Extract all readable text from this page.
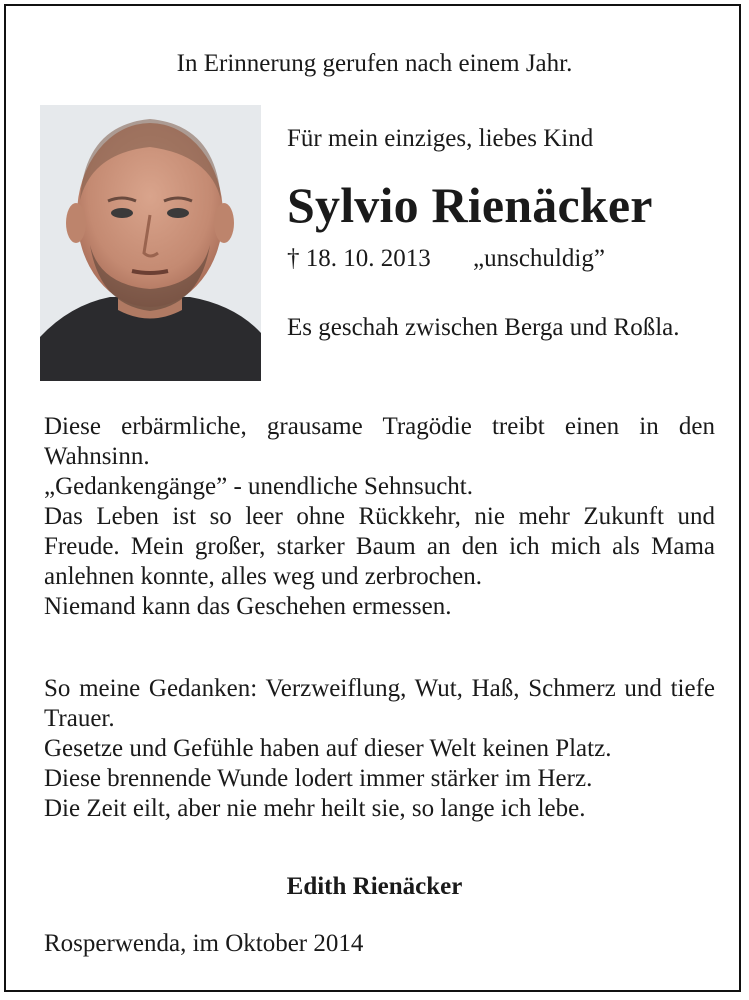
In Erinnerung gerufen nach einem Jahr.
Für mein einziges, liebes Kind
Sylvio Rienäcker
† 18. 10. 2013 „unschuldig”
Es geschah zwischen Berga und Roßla.

Diese erbärmliche, grausame Tragödie treibt einen in den Wahnsinn.

„Gedankengänge” - unendliche Sehnsucht.

Das Leben ist so leer ohne Rückkehr, nie mehr Zukunft und Freude. Mein großer, starker Baum an den ich mich als Mama anlehnen konnte, alles weg und zerbrochen.

Niemand kann das Geschehen ermessen.

So meine Gedanken: Verzweiflung, Wut, Haß, Schmerz und tiefe Trauer.

Gesetze und Gefühle haben auf dieser Welt keinen Platz.

Diese brennende Wunde lodert immer stärker im Herz.

Die Zeit eilt, aber nie mehr heilt sie, so lange ich lebe.

Edith Rienäcker
Rosperwenda, im Oktober 2014
